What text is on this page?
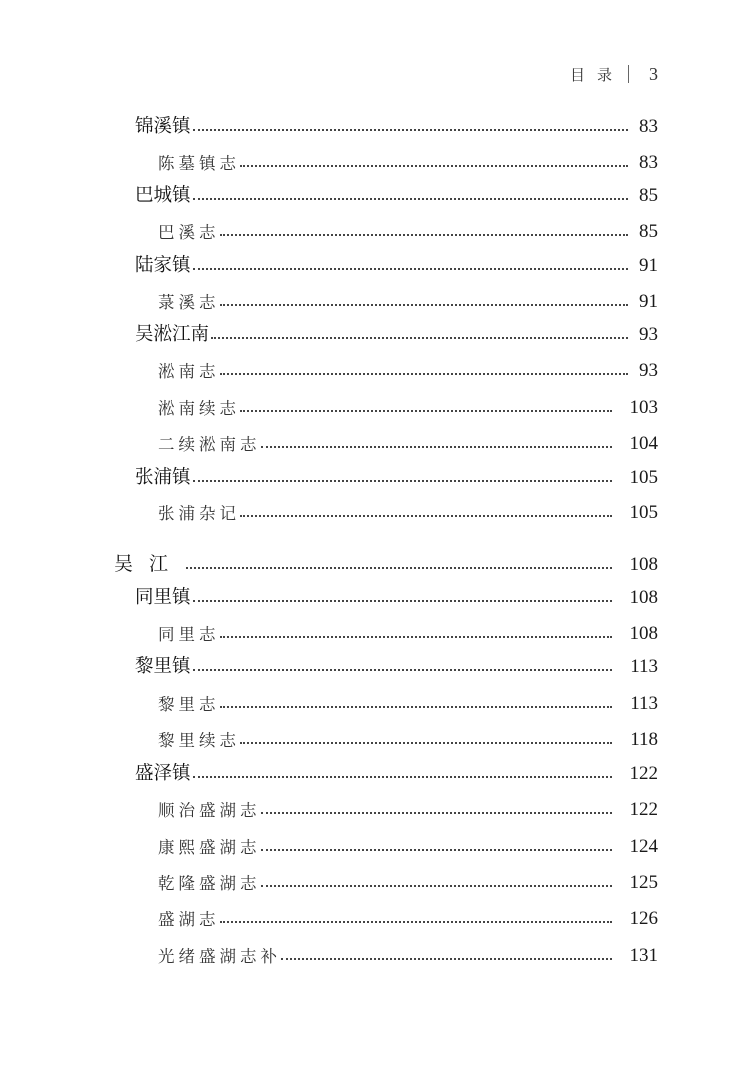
目录 3
锦溪镇	83
陈墓镇志	83
巴城镇	85
巴溪志	85
陆家镇	91
菉溪志	91
吴淞江南	93
淞南志	93
淞南续志	103
二续淞南志	104
张浦镇	105
张浦杂记	105
吴江	108
同里镇	108
同里志	108
黎里镇	113
黎里志	113
黎里续志	118
盛泽镇	122
顺治盛湖志	122
康熙盛湖志	124
乾隆盛湖志	125
盛湖志	126
光绪盛湖志补	131
